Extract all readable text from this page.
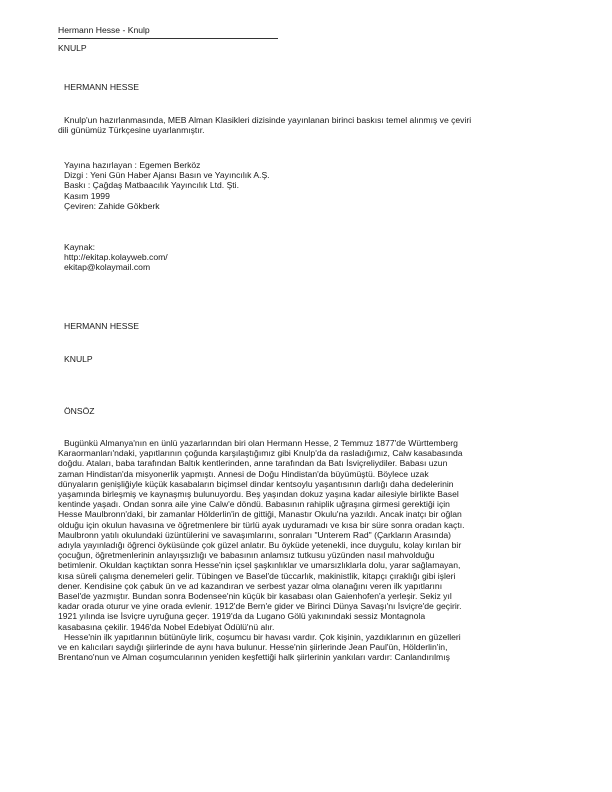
Hermann Hesse - Knulp
KNULP
HERMANN HESSE
Knulp'un hazırlanmasında, MEB Alman Klasikleri dizisinde yayınlanan birinci baskısı temel alınmış ve çeviri
dili günümüz Türkçesine uyarlanmıştır.
Yayına hazırlayan : Egemen Berköz
Dizgi : Yeni Gün Haber Ajansı Basın ve Yayıncılık A.Ş.
Baskı : Çağdaş Matbaacılık Yayıncılık Ltd. Şti.
Kasım 1999
Çeviren: Zahide Gökberk
Kaynak:
http://ekitap.kolayweb.com/
ekitap@kolaymail.com
HERMANN HESSE
KNULP
ÖNSÖZ
Bugünkü Almanya'nın en ünlü yazarlarından biri olan Hermann Hesse, 2 Temmuz 1877'de Württemberg
Karaormanları'ndaki, yapıtlarının çoğunda karşılaştığımız gibi Knulp'da da rasladığımız, Calw kasabasında
doğdu. Ataları, baba tarafından Baltık kentlerinden, anne tarafından da Batı İsviçreliydiler. Babası uzun
zaman Hindistan'da misyonerlik yapmıştı. Annesi de Doğu Hindistan'da büyümüştü. Böylece uzak
dünyaların genişliğiyle küçük kasabaların biçimsel dindar kentsoylu yaşantısının darlığı daha dedelerinin
yaşamında birleşmiş ve kaynaşmış bulunuyordu. Beş yaşından dokuz yaşına kadar ailesiyle birlikte Basel
kentinde yaşadı. Ondan sonra aile yine Calw'e döndü. Babasının rahiplik uğraşına girmesi gerektiği için
Hesse Maulbronn'daki, bir zamanlar Hölderlin'in de gittiği, Manastır Okulu'na yazıldı. Ancak inatçı bir oğlan
olduğu için okulun havasına ve öğretmenlere bir türlü ayak uyduramadı ve kısa bir süre sonra oradan kaçtı.
Maulbronn yatılı okulundaki üzüntülerini ve savaşımlarını, sonraları "Unterem Rad" (Çarkların Arasında)
adıyla yayınladığı öğrenci öyküsünde çok güzel anlatır. Bu öyküde yetenekli, ince duygulu, kolay kırılan bir
çocuğun, öğretmenlerinin anlayışsızlığı ve babasının anlamsız tutkusu yüzünden nasıl mahvolduğu
betimlenir. Okuldan kaçtıktan sonra Hesse'nin içsel şaşkınlıklar ve umarsızlıklarla dolu, yarar sağlamayan,
kısa süreli çalışma denemeleri gelir. Tübingen ve Basel'de tüccarlık, makinistlik, kitapçı çıraklığı gibi işleri
dener. Kendisine çok çabuk ün ve ad kazandıran ve serbest yazar olma olanağını veren ilk yapıtlarını
Basel'de yazmıştır. Bundan sonra Bodensee'nin küçük bir kasabası olan Gaienhofen'a yerleşir. Sekiz yıl
kadar orada oturur ve yine orada evlenir. 1912'de Bern'e gider ve Birinci Dünya Savaşı'nı İsviçre'de geçirir.
1921 yılında ise İsviçre uyruğuna geçer. 1919'da da Lugano Gölü yakınındaki sessiz Montagnola
kasabasına çekilir. 1946'da Nobel Edebiyat Ödülü'nü alır.
Hesse'nin ilk yapıtlarının bütünüyle lirik, coşumcu bir havası vardır. Çok kişinin, yazdıklarının en güzelleri
ve en kalıcıları saydığı şiirlerinde de aynı hava bulunur. Hesse'nin şiirlerinde Jean Paul'ün, Hölderlin'in,
Brentano'nun ve Alman coşumcularının yeniden keşfettiği halk şiirlerinin yankıları vardır: Canlandırılmış
